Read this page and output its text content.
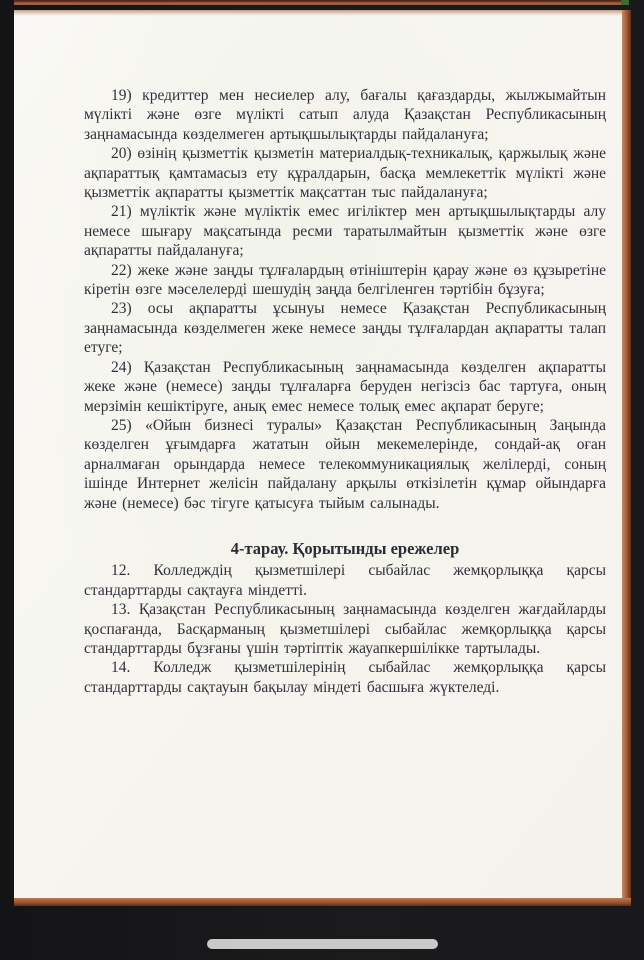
19) кредиттер мен несиелер алу, бағалы қағаздарды, жылжымайтын мүлікті және өзге мүлікті сатып алуда Қазақстан Республикасының заңнамасында көзделмеген артықшылықтарды пайдалануға;

20) өзінің қызметтік қызметін материалдық-техникалық, қаржылық және ақпараттық қамтамасыз ету құралдарын, басқа мемлекеттік мүлікті және қызметтік ақпаратты қызметтік мақсаттан тыс пайдалануға;

21) мүліктік және мүліктік емес игіліктер мен артықшылықтарды алу немесе шығару мақсатында ресми таратылмайтын қызметтік және өзге ақпаратты пайдалануға;

22) жеке және заңды тұлғалардың өтініштерін қарау және өз құзыретіне кіретін өзге мәселелерді шешудің заңда белгіленген тәртібін бұзуға;

23) осы ақпаратты ұсынуы немесе Қазақстан Республикасының заңнамасында көзделмеген жеке немесе заңды тұлғалардан ақпаратты талап етуге;

24) Қазақстан Республикасының заңнамасында көзделген ақпаратты жеке және (немесе) заңды тұлғаларға беруден негізсіз бас тартуға, оның мерзімін кешіктіруге, анық емес немесе толық емес ақпарат беруге;

25) «Ойын бизнесі туралы» Қазақстан Республикасының Заңында көзделген ұғымдарға жататын ойын мекемелерінде, сондай-ақ оған арналмаған орындарда немесе телекоммуникациялық желілерді, соның ішінде Интернет желісін пайдалану арқылы өткізілетін құмар ойындарға және (немесе) бәс тігуге қатысуға тыйым салынады.

4-тарау. Қорытынды ережелер

12. Колледждің қызметшілері сыбайлас жемқорлыққа қарсы стандарттарды сақтауға міндетті.

13. Қазақстан Республикасының заңнамасында көзделген жағдайларды қоспағанда, Басқарманың қызметшілері сыбайлас жемқорлыққа қарсы стандарттарды бұзғаны үшін тәртіптік жауапкершілікке тартылады.

14. Колледж қызметшілерінің сыбайлас жемқорлыққа қарсы стандарттарды сақтауын бақылау міндеті басшыға жүктеледі.
